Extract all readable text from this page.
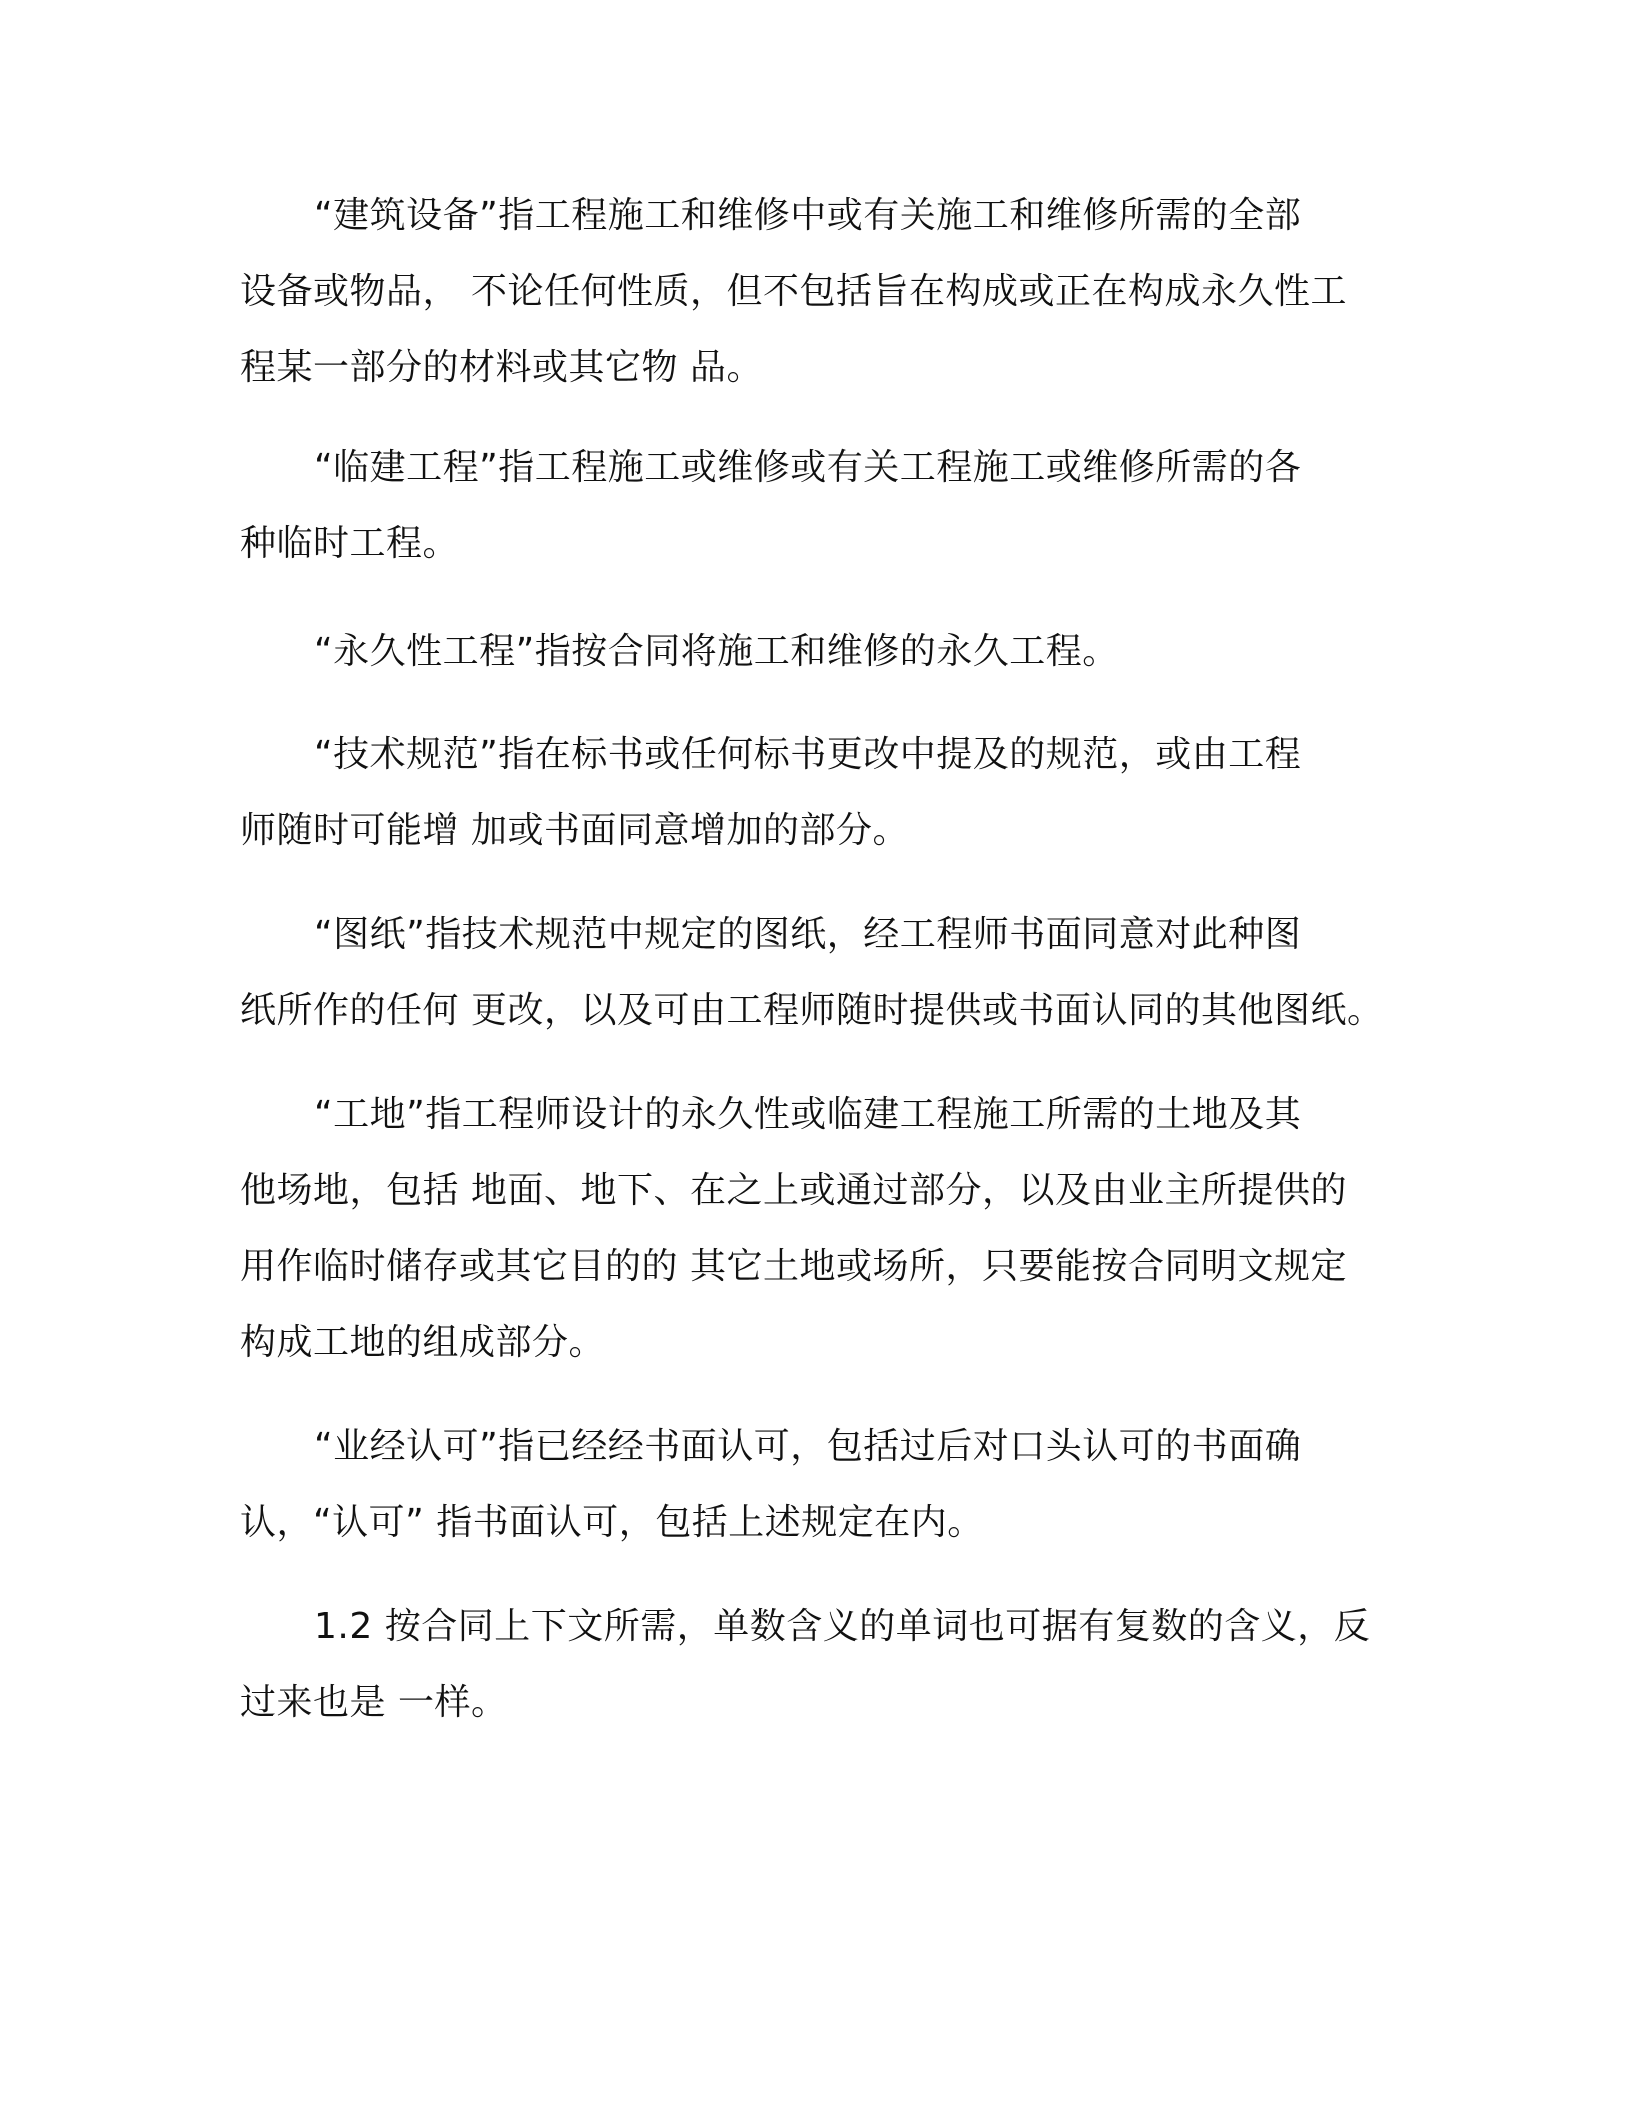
“建筑设备”指工程施工和维修中或有关施工和维修所需的全部
设备或物品， 不论任何性质，但不包括旨在构成或正在构成永久性工
程某一部分的材料或其它物 品。
“临建工程”指工程施工或维修或有关工程施工或维修所需的各
种临时工程。
“永久性工程”指按合同将施工和维修的永久工程。
“技术规范”指在标书或任何标书更改中提及的规范，或由工程
师随时可能增 加或书面同意增加的部分。
“图纸”指技术规范中规定的图纸，经工程师书面同意对此种图
纸所作的任何 更改，以及可由工程师随时提供或书面认同的其他图纸。
“工地”指工程师设计的永久性或临建工程施工所需的土地及其
他场地，包括 地面、地下、在之上或通过部分，以及由业主所提供的
用作临时储存或其它目的的 其它土地或场所，只要能按合同明文规定
构成工地的组成部分。
“业经认可”指已经经书面认可，包括过后对口头认可的书面确
认，“认可” 指书面认可，包括上述规定在内。
1.2 按合同上下文所需，单数含义的单词也可据有复数的含义，反
过来也是 一样。
